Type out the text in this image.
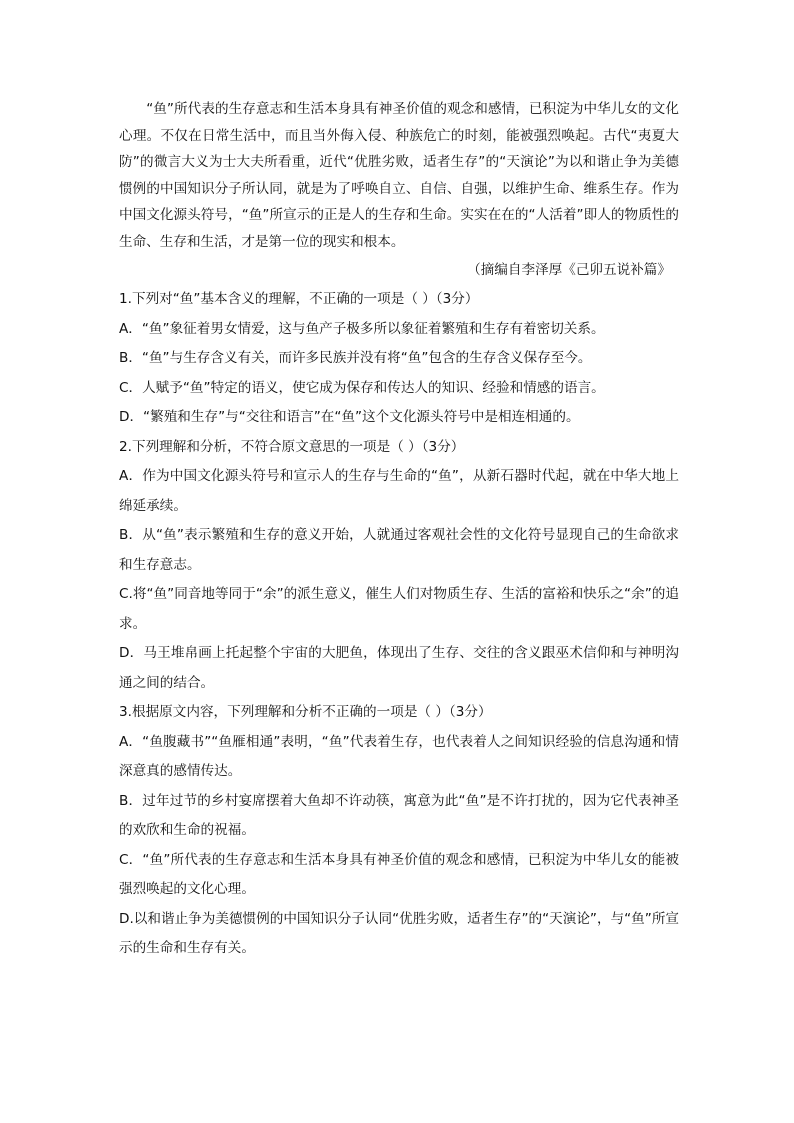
“鱼”所代表的生存意志和生活本身具有神圣价值的观念和感情，已积淀为中华儿女的文化心理。不仅在日常生活中，而且当外侮入侵、种族危亡的时刻，能被强烈唤起。古代“夷夏大防”的微言大义为士大夫所看重，近代“优胜劣败，适者生存”的“天演论”为以和谐止争为美德惯例的中国知识分子所认同，就是为了呼唤自立、自信、自强，以维护生命、维系生存。作为中国文化源头符号，“鱼”所宣示的正是人的生存和生命。实实在在的“人活着”即人的物质性的生命、生存和生活，才是第一位的现实和根本。

（摘编自李泽厚《己卯五说补篇》

1.下列对“鱼”基本含义的理解，不正确的一项是（ ）（3分）

A．“鱼”象征着男女情爱，这与鱼产子极多所以象征着繁殖和生存有着密切关系。

B．“鱼”与生存含义有关，而许多民族并没有将“鱼”包含的生存含义保存至今。

C．人赋予“鱼”特定的语义，使它成为保存和传达人的知识、经验和情感的语言。

D．“繁殖和生存”与“交往和语言”在“鱼”这个文化源头符号中是相连相通的。

2.下列理解和分析，不符合原文意思的一项是（ ）（3分）

A．作为中国文化源头符号和宣示人的生存与生命的“鱼”，从新石器时代起，就在中华大地上绵延承续。

B．从“鱼”表示繁殖和生存的意义开始，人就通过客观社会性的文化符号显现自己的生命欲求和生存意志。

C.将“鱼”同音地等同于“余”的派生意义，催生人们对物质生存、生活的富裕和快乐之“余”的追求。

D．马王堆帛画上托起整个宇宙的大肥鱼，体现出了生存、交往的含义跟巫术信仰和与神明沟通之间的结合。

3.根据原文内容，下列理解和分析不正确的一项是（ ）（3分）

A．“鱼腹藏书”“鱼雁相通”表明，“鱼”代表着生存，也代表着人之间知识经验的信息沟通和情深意真的感情传达。

B．过年过节的乡村宴席摆着大鱼却不许动筷，寓意为此“鱼”是不许打扰的，因为它代表神圣的欢欣和生命的祝福。

C．“鱼”所代表的生存意志和生活本身具有神圣价值的观念和感情，已积淀为中华儿女的能被强烈唤起的文化心理。

D.以和谐止争为美德惯例的中国知识分子认同“优胜劣败，适者生存”的“天演论”，与“鱼”所宣示的生命和生存有关。
